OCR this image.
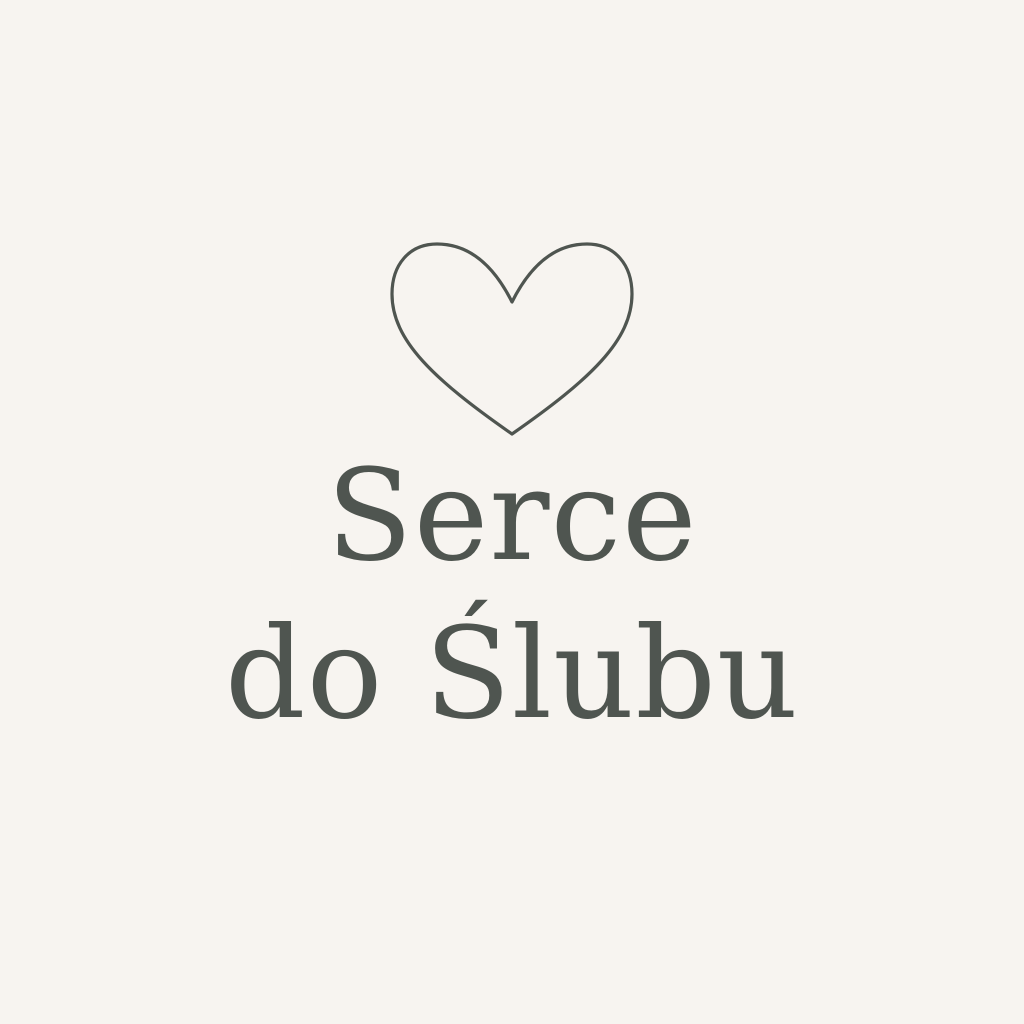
Serce
do Ślubu
